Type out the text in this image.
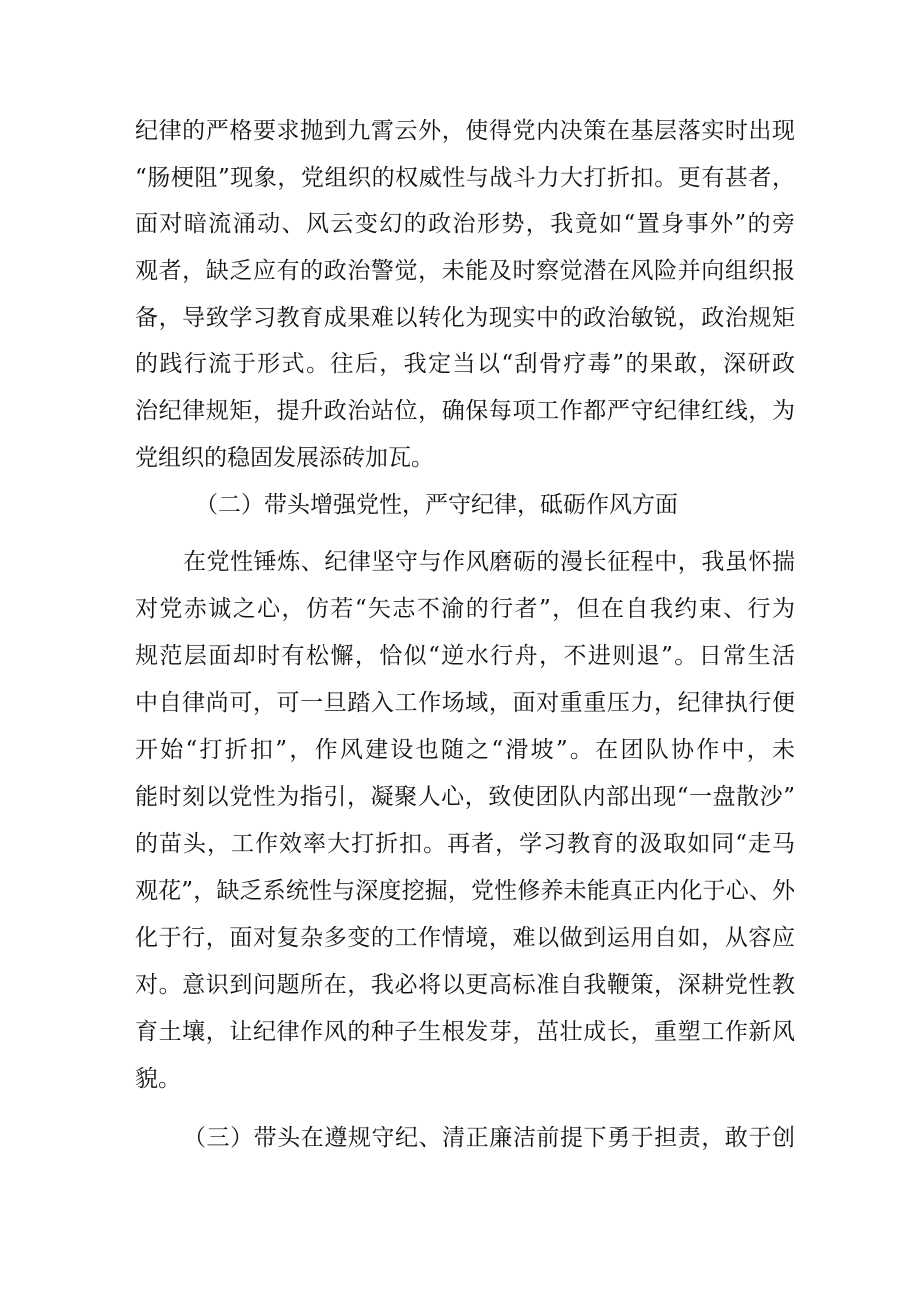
纪律的严格要求抛到九霄云外，使得党内决策在基层落实时出现
“肠梗阻”现象，党组织的权威性与战斗力大打折扣。更有甚者，
面对暗流涌动、风云变幻的政治形势，我竟如“置身事外”的旁
观者，缺乏应有的政治警觉，未能及时察觉潜在风险并向组织报
备，导致学习教育成果难以转化为现实中的政治敏锐，政治规矩
的践行流于形式。往后，我定当以“刮骨疗毒”的果敢，深研政
治纪律规矩，提升政治站位，确保每项工作都严守纪律红线，为
党组织的稳固发展添砖加瓦。
（二）带头增强党性，严守纪律，砥砺作风方面
在党性锤炼、纪律坚守与作风磨砺的漫长征程中，我虽怀揣
对党赤诚之心，仿若“矢志不渝的行者”，但在自我约束、行为
规范层面却时有松懈，恰似“逆水行舟，不进则退”。日常生活
中自律尚可，可一旦踏入工作场域，面对重重压力，纪律执行便
开始“打折扣”，作风建设也随之“滑坡”。在团队协作中，未
能时刻以党性为指引，凝聚人心，致使团队内部出现“一盘散沙”
的苗头，工作效率大打折扣。再者，学习教育的汲取如同“走马
观花”，缺乏系统性与深度挖掘，党性修养未能真正内化于心、外
化于行，面对复杂多变的工作情境，难以做到运用自如，从容应
对。意识到问题所在，我必将以更高标准自我鞭策，深耕党性教
育土壤，让纪律作风的种子生根发芽，茁壮成长，重塑工作新风
貌。
（三）带头在遵规守纪、清正廉洁前提下勇于担责，敢于创
